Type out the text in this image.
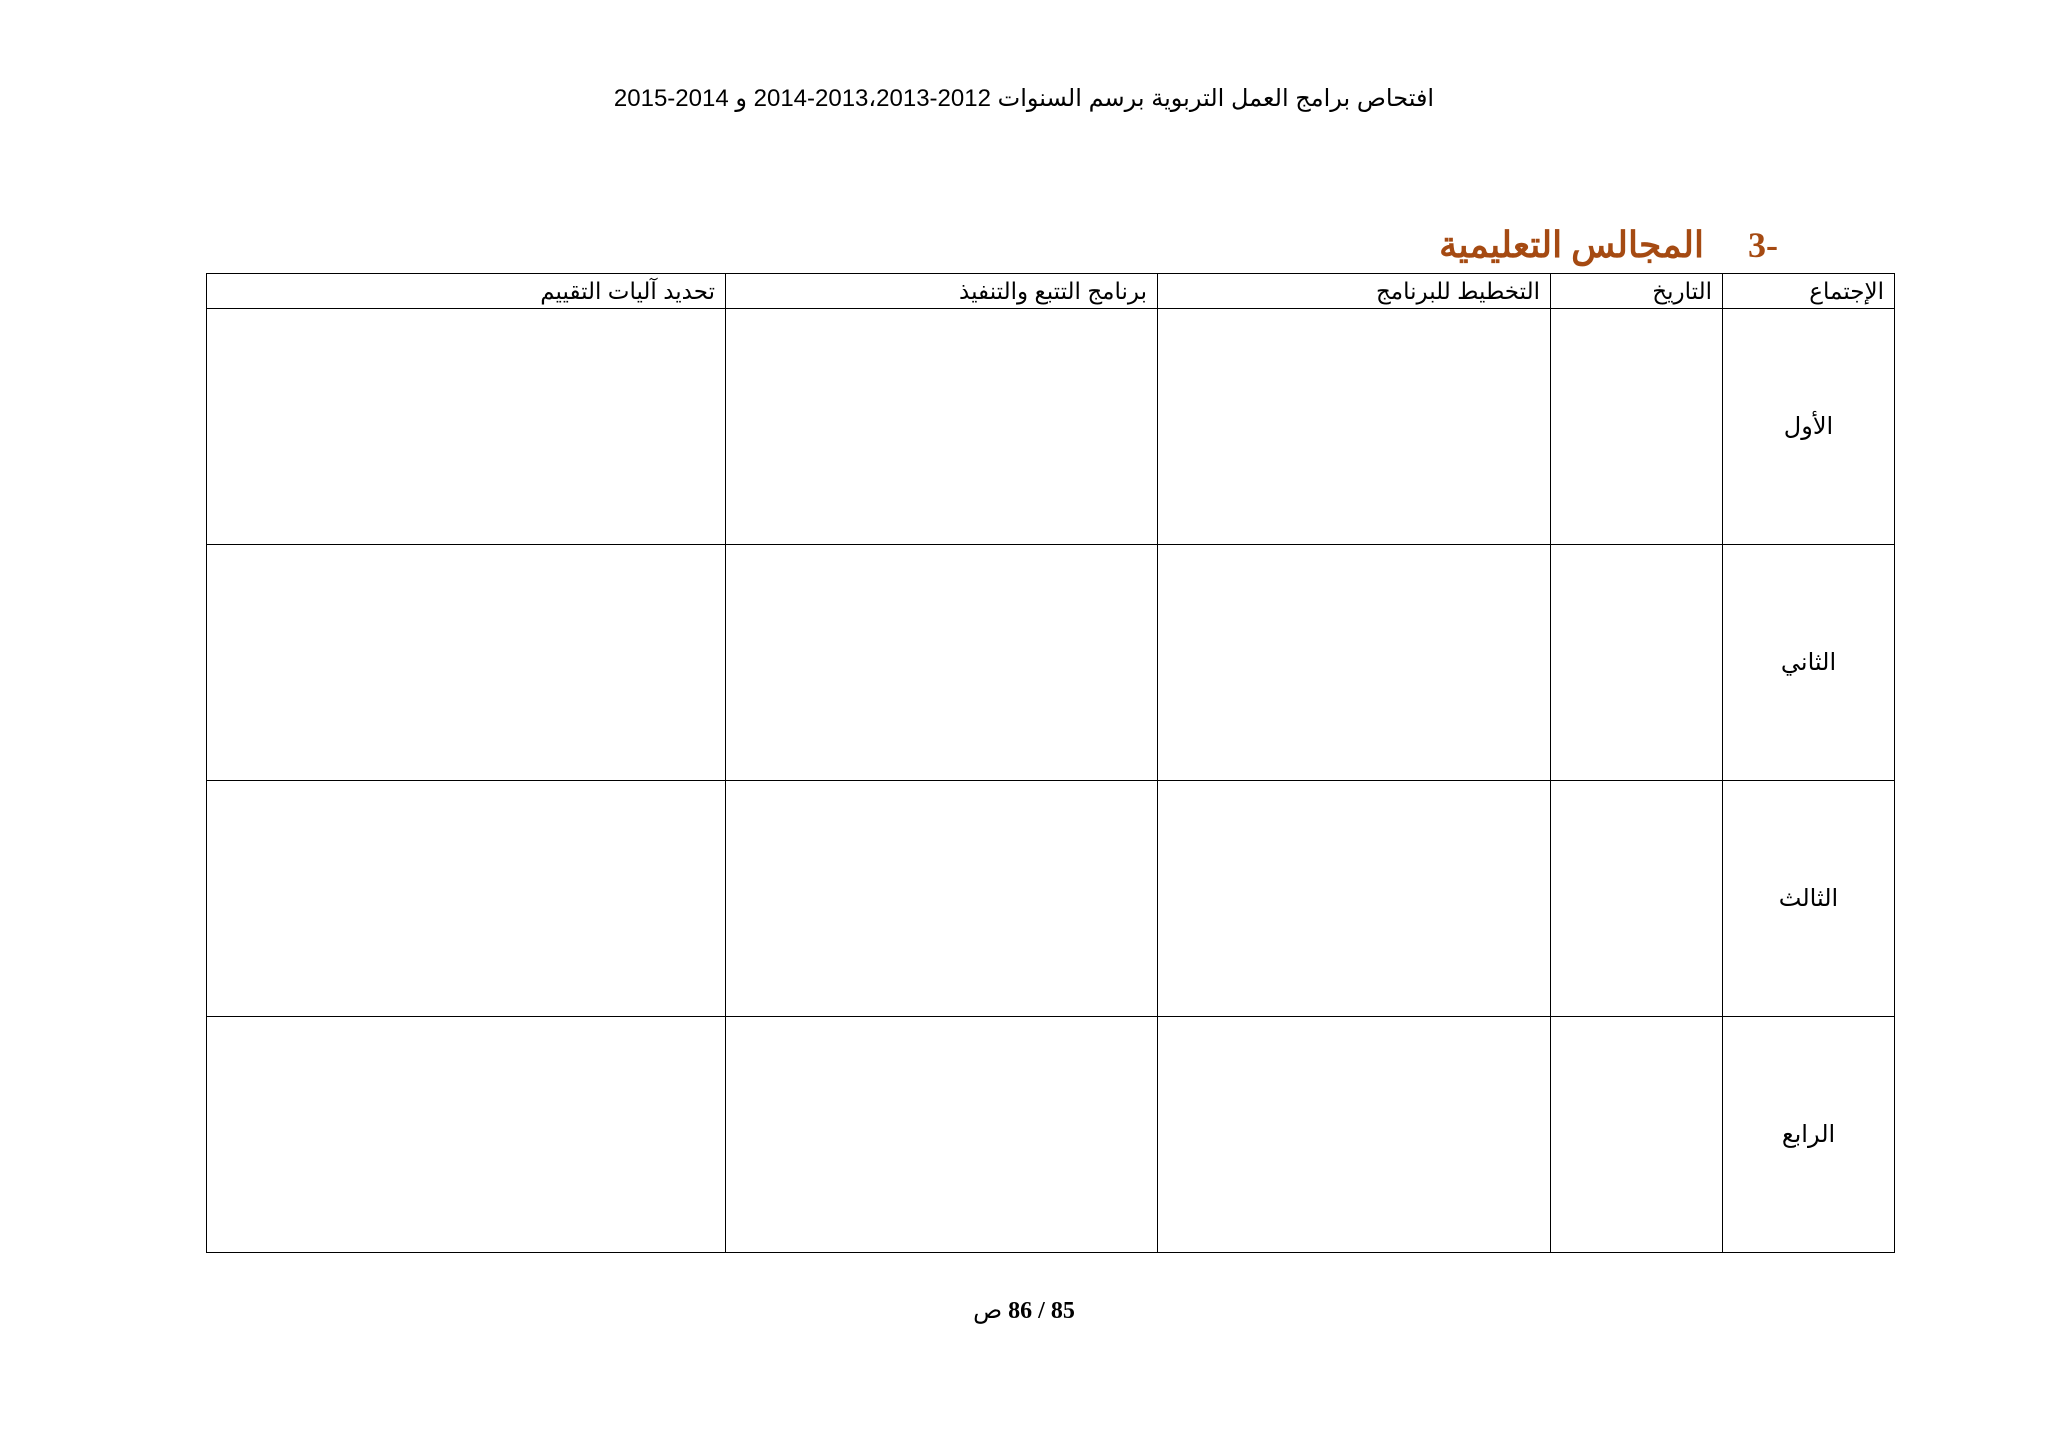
افتحاص برامج العمل التربوية برسم السنوات 2012-2013،2013-2014 و 2014-2015
-3المجالس التعليمية
الإجتماع	التاريخ	التخطيط للبرنامج	برنامج التتبع والتنفيذ	تحديد آليات التقييم
الأول				
الثاني				
الثالث				
الرابع				
85 / 86 ص
